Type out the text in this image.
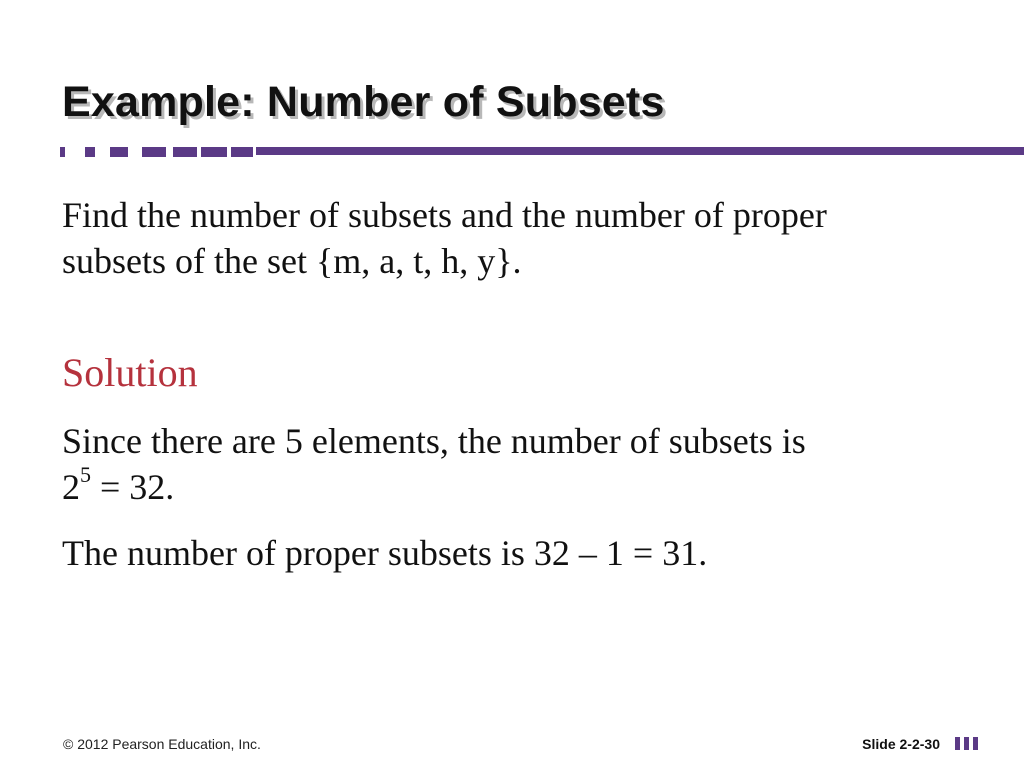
Example: Number of Subsets
Find the number of subsets and the number of proper subsets of the set {m, a, t, h, y}.
Solution
Since there are 5 elements, the number of subsets is $2^5 = 32$.
The number of proper subsets is 32 – 1 = 31.
© 2012 Pearson Education, Inc.	Slide 2-2-30
